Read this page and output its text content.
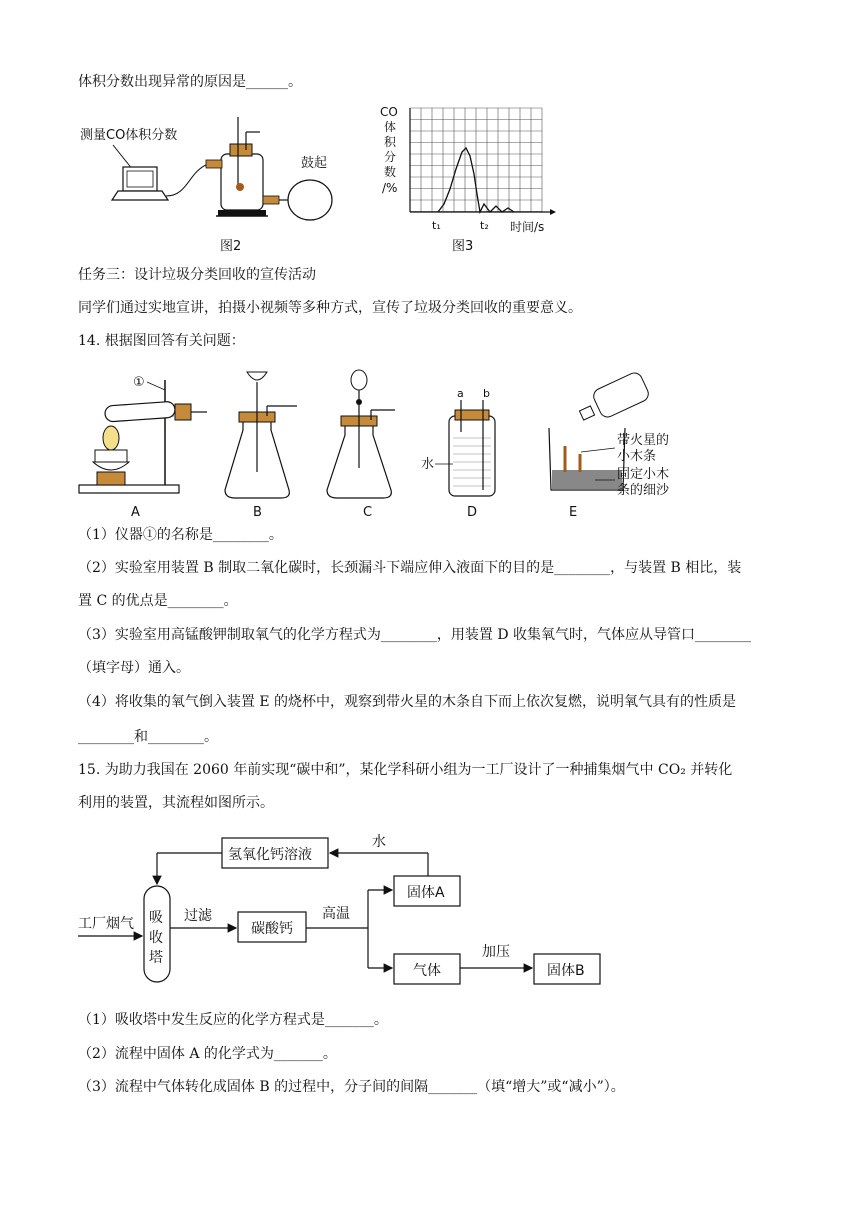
体积分数出现异常的原因是______。
测量CO体积分数
鼓起
图2
CO
体
积
分
数
/%
t₁	t₂ 时间/s
图3
任务三：设计垃圾分类回收的宣传活动
同学们通过实地宣讲，拍摄小视频等多种方式，宣传了垃圾分类回收的重要意义。
14. 根据图回答有关问题：
①
a b
水
带火星的
小木条
固定小木
条的细沙
A	B	C	D	E
（1）仪器①的名称是________。
（2）实验室用装置 B 制取二氧化碳时，长颈漏斗下端应伸入液面下的目的是________，与装置 B 相比，装
置 C 的优点是________。
（3）实验室用高锰酸钾制取氧气的化学方程式为________，用装置 D 收集氧气时，气体应从导管口________
（填字母）通入。
（4）将收集的氧气倒入装置 E 的烧杯中，观察到带火星的木条自下而上依次复燃，说明氧气具有的性质是
________和________。
15. 为助力我国在 2060 年前实现“碳中和”，某化学科研小组为一工厂设计了一种捕集烟气中 CO₂ 并转化
利用的装置，其流程如图所示。
吸
收
塔
工厂烟气	过滤
碳酸钙
高温
固体A
气体
加压
固体B
氢氧化钙溶液
水
（1）吸收塔中发生反应的化学方程式是_______。
（2）流程中固体 A 的化学式为_______。
（3）流程中气体转化成固体 B 的过程中，分子间的间隔_______（填“增大”或“减小”）。
